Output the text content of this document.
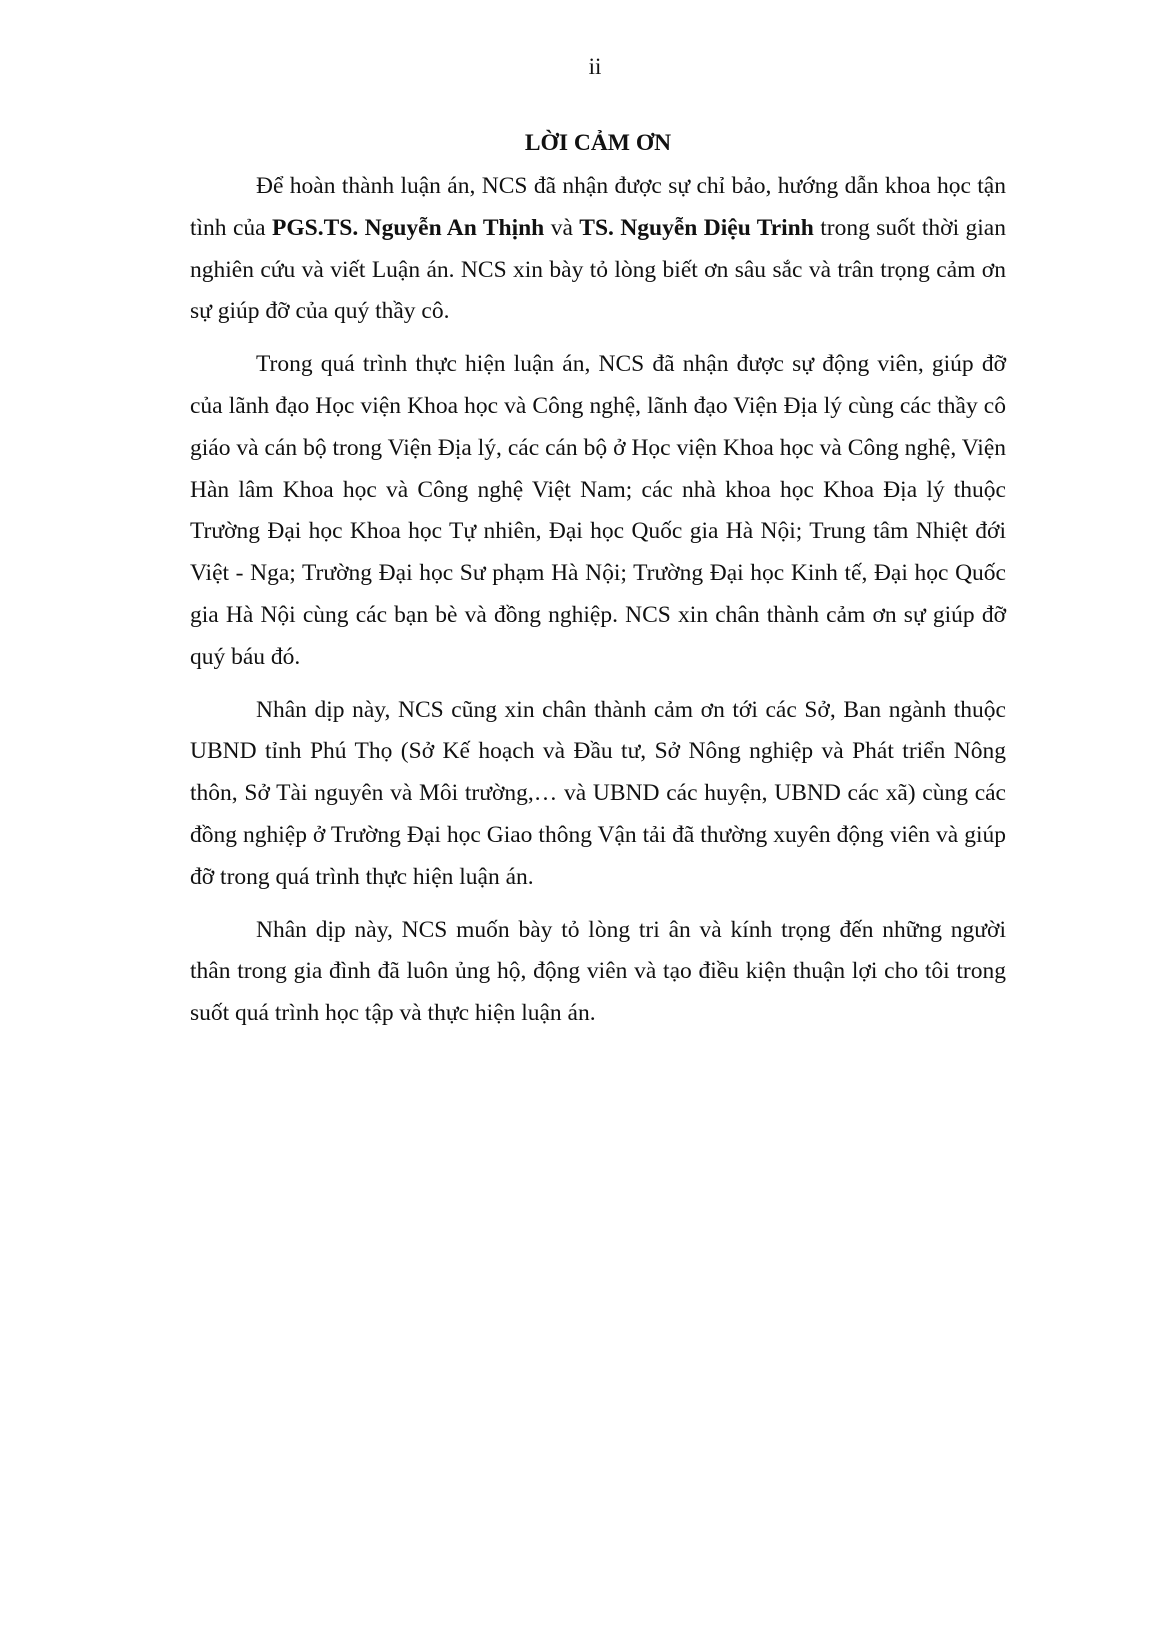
ii
LỜI CẢM ƠN

Để hoàn thành luận án, NCS đã nhận được sự chỉ bảo, hướng dẫn khoa học tận tình của PGS.TS. Nguyễn An Thịnh và TS. Nguyễn Diệu Trinh trong suốt thời gian nghiên cứu và viết Luận án. NCS xin bày tỏ lòng biết ơn sâu sắc và trân trọng cảm ơn sự giúp đỡ của quý thầy cô.

Trong quá trình thực hiện luận án, NCS đã nhận được sự động viên, giúp đỡ của lãnh đạo Học viện Khoa học và Công nghệ, lãnh đạo Viện Địa lý cùng các thầy cô giáo và cán bộ trong Viện Địa lý, các cán bộ ở Học viện Khoa học và Công nghệ, Viện Hàn lâm Khoa học và Công nghệ Việt Nam; các nhà khoa học Khoa Địa lý thuộc Trường Đại học Khoa học Tự nhiên, Đại học Quốc gia Hà Nội; Trung tâm Nhiệt đới Việt - Nga; Trường Đại học Sư phạm Hà Nội; Trường Đại học Kinh tế, Đại học Quốc gia Hà Nội cùng các bạn bè và đồng nghiệp. NCS xin chân thành cảm ơn sự giúp đỡ quý báu đó.

Nhân dịp này, NCS cũng xin chân thành cảm ơn tới các Sở, Ban ngành thuộc UBND tỉnh Phú Thọ (Sở Kế hoạch và Đầu tư, Sở Nông nghiệp và Phát triển Nông thôn, Sở Tài nguyên và Môi trường,… và UBND các huyện, UBND các xã) cùng các đồng nghiệp ở Trường Đại học Giao thông Vận tải đã thường xuyên động viên và giúp đỡ trong quá trình thực hiện luận án.

Nhân dịp này, NCS muốn bày tỏ lòng tri ân và kính trọng đến những người thân trong gia đình đã luôn ủng hộ, động viên và tạo điều kiện thuận lợi cho tôi trong suốt quá trình học tập và thực hiện luận án.
